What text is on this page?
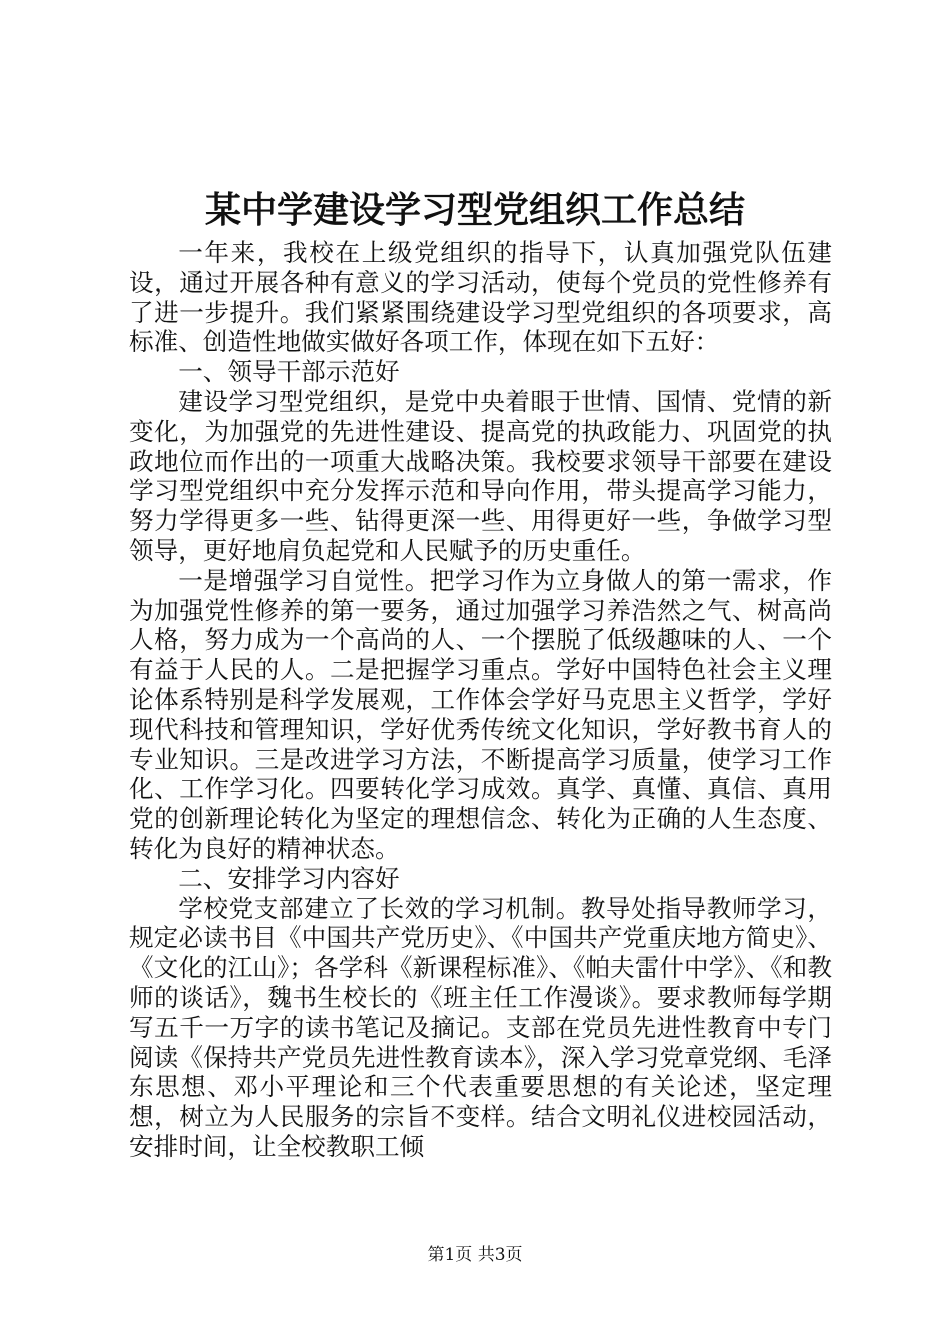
某中学建设学习型党组织工作总结

一年来，我校在上级党组织的指导下，认真加强党队伍建设，通过开展各种有意义的学习活动，使每个党员的党性修养有了进一步提升。我们紧紧围绕建设学习型党组织的各项要求，高标准、创造性地做实做好各项工作，体现在如下五好：

一、领导干部示范好

建设学习型党组织，是党中央着眼于世情、国情、党情的新变化，为加强党的先进性建设、提高党的执政能力、巩固党的执政地位而作出的一项重大战略决策。我校要求领导干部要在建设学习型党组织中充分发挥示范和导向作用，带头提高学习能力，努力学得更多一些、钻得更深一些、用得更好一些，争做学习型领导，更好地肩负起党和人民赋予的历史重任。

一是增强学习自觉性。把学习作为立身做人的第一需求，作为加强党性修养的第一要务，通过加强学习养浩然之气、树高尚人格，努力成为一个高尚的人、一个摆脱了低级趣味的人、一个有益于人民的人。二是把握学习重点。学好中国特色社会主义理论体系特别是科学发展观，工作体会学好马克思主义哲学，学好现代科技和管理知识，学好优秀传统文化知识，学好教书育人的专业知识。三是改进学习方法，不断提高学习质量，使学习工作化、工作学习化。四要转化学习成效。真学、真懂、真信、真用党的创新理论转化为坚定的理想信念、转化为正确的人生态度、转化为良好的精神状态。

二、安排学习内容好

学校党支部建立了长效的学习机制。教导处指导教师学习，规定必读书目《中国共产党历史》、《中国共产党重庆地方简史》、《文化的江山》；各学科《新课程标准》、《帕夫雷什中学》、《和教师的谈话》，魏书生校长的《班主任工作漫谈》。要求教师每学期写五千一万字的读书笔记及摘记。支部在党员先进性教育中专门阅读《保持共产党员先进性教育读本》，深入学习党章党纲、毛泽东思想、邓小平理论和三个代表重要思想的有关论述，坚定理想，树立为人民服务的宗旨不变样。结合文明礼仪进校园活动，安排时间，让全校教职工倾

第1页 共3页
